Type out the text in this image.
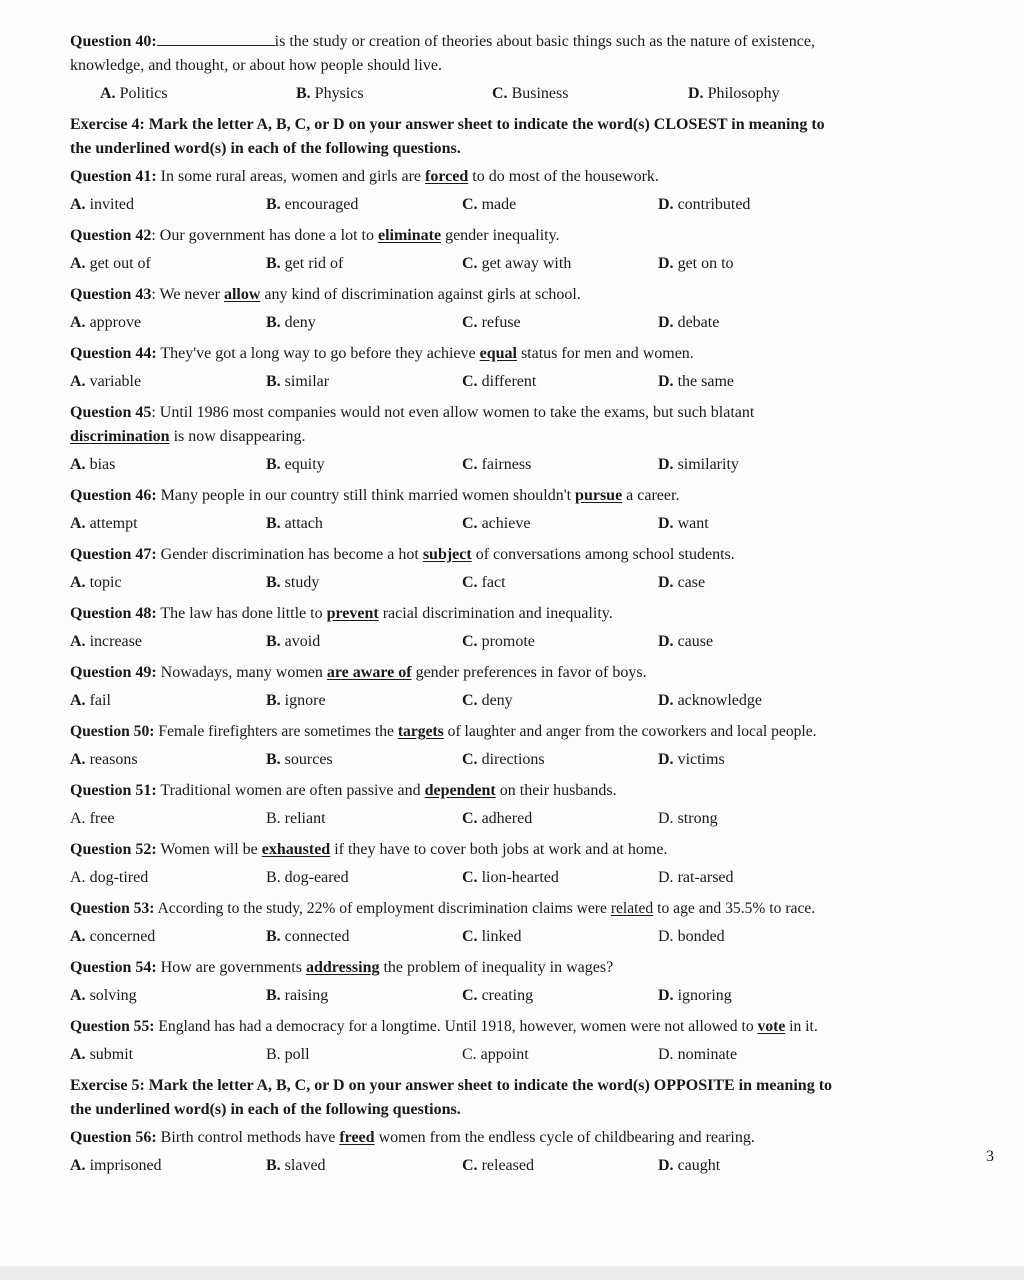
Question 40:	is the study or creation of theories about basic things such as the nature of existence,
knowledge, and thought, or about how people should live.

A. Politics	B. Physics	C. Business	D. Philosophy
Exercise 4: Mark the letter A, B, C, or D on your answer sheet to indicate the word(s) CLOSEST in meaning to
the underlined word(s) in each of the following questions.

Question 41: In some rural areas, women and girls are forced to do most of the housework.

A. invited	B. encouraged	C. made	D. contributed

Question 42: Our government has done a lot to eliminate gender inequality.

A. get out of	B. get rid of	C. get away with	D. get on to

Question 43: We never allow any kind of discrimination against girls at school.

A. approve	B. deny	C. refuse	D. debate

Question 44: They've got a long way to go before they achieve equal status for men and women.

A. variable	B. similar	C. different	D. the same

Question 45: Until 1986 most companies would not even allow women to take the exams, but such blatant
discrimination is now disappearing.

A. bias	B. equity	C. fairness	D. similarity

Question 46: Many people in our country still think married women shouldn't pursue a career.

A. attempt	B. attach	C. achieve	D. want

Question 47: Gender discrimination has become a hot subject of conversations among school students.

A. topic	B. study	C. fact	D. case

Question 48: The law has done little to prevent racial discrimination and inequality.

A. increase	B. avoid	C. promote	D. cause

Question 49: Nowadays, many women are aware of gender preferences in favor of boys.

A. fail	B. ignore	C. deny	D. acknowledge

Question 50: Female firefighters are sometimes the targets of laughter and anger from the coworkers and local people.

A. reasons	B. sources	C. directions	D. victims

Question 51: Traditional women are often passive and dependent on their husbands.

A. free	B. reliant	C. adhered	D. strong

Question 52: Women will be exhausted if they have to cover both jobs at work and at home.

A. dog-tired	B. dog-eared	C. lion-hearted	D. rat-arsed

Question 53: According to the study, 22% of employment discrimination claims were related to age and 35.5% to race.

A. concerned	B. connected	C. linked	D. bonded

Question 54: How are governments addressing the problem of inequality in wages?

A. solving	B. raising	C. creating	D. ignoring

Question 55: England has had a democracy for a longtime. Until 1918, however, women were not allowed to vote in it.

A. submit	B. poll	C. appoint	D. nominate
Exercise 5: Mark the letter A, B, C, or D on your answer sheet to indicate the word(s) OPPOSITE in meaning to
the underlined word(s) in each of the following questions.

Question 56: Birth control methods have freed women from the endless cycle of childbearing and rearing.

A. imprisoned	B. slaved	C. released	D. caught
3
